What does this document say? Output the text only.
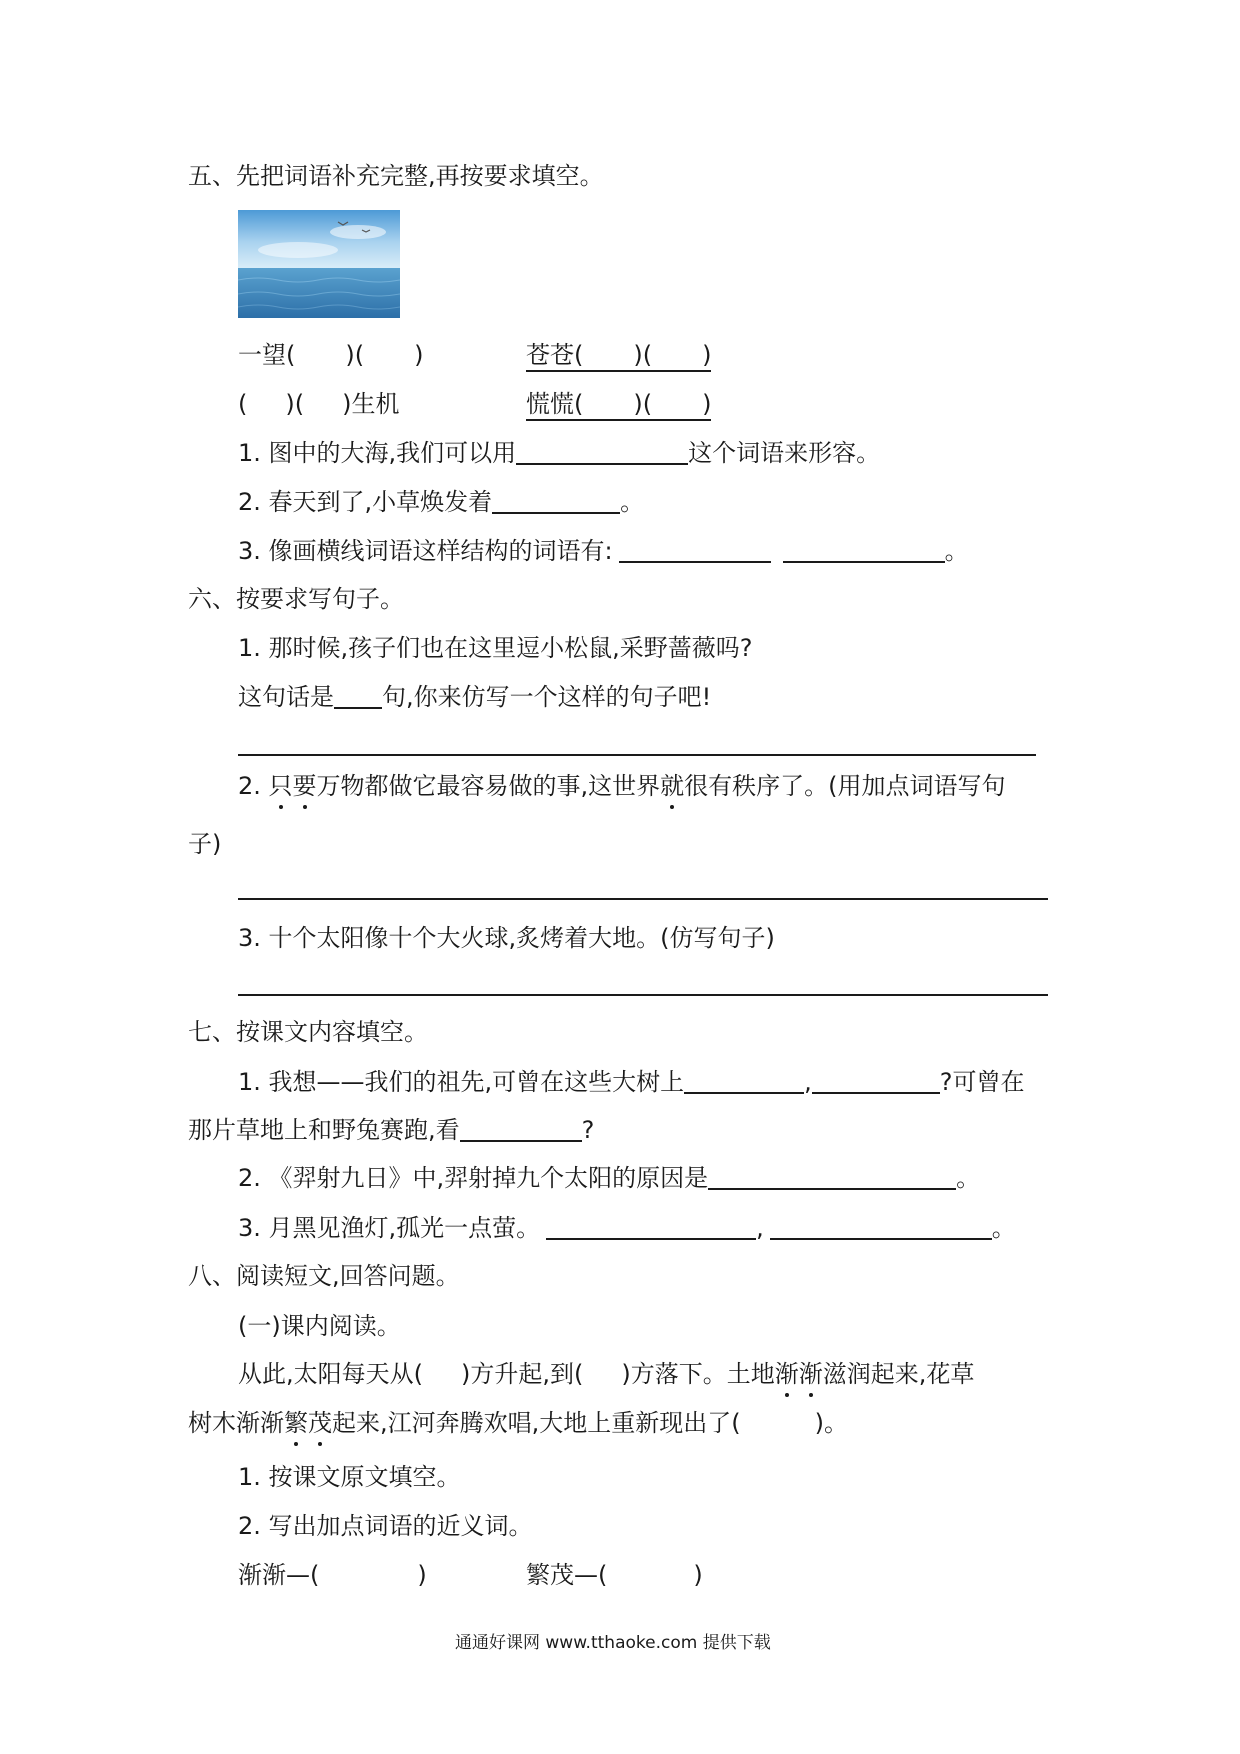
五、先把词语补充完整,再按要求填空。
一望( )( )	苍苍( )( )
( )( )生机	慌慌( )( )
1. 图中的大海,我们可以用	这个词语来形容。
2. 春天到了,小草焕发着	。
3. 像画横线词语这样结构的词语有:	。
六、按要求写句子。
1. 那时候,孩子们也在这里逗小松鼠,采野蔷薇吗?
这句话是 句,你来仿写一个这样的句子吧!
2. 只要万物都做它最容易做的事,这世界就很有秩序了。(用加点词语写句
子)
3. 十个太阳像十个大火球,炙烤着大地。(仿写句子)
七、按课文内容填空。
1. 我想——我们的祖先,可曾在这些大树上	,	?可曾在
那片草地上和野兔赛跑,看	?
2. 《羿射九日》中,羿射掉九个太阳的原因是	。
3. 月黑见渔灯,孤光一点萤。	,	。
八、阅读短文,回答问题。
(一)课内阅读。
从此,太阳每天从( )方升起,到( )方落下。土地渐渐滋润起来,花草
树木渐渐繁茂起来,江河奔腾欢唱,大地上重新现出了(	)。
1. 按课文原文填空。
2. 写出加点词语的近义词。
渐渐—(	)	繁茂—(	)
通通好课网 www.tthaoke.com 提供下载
